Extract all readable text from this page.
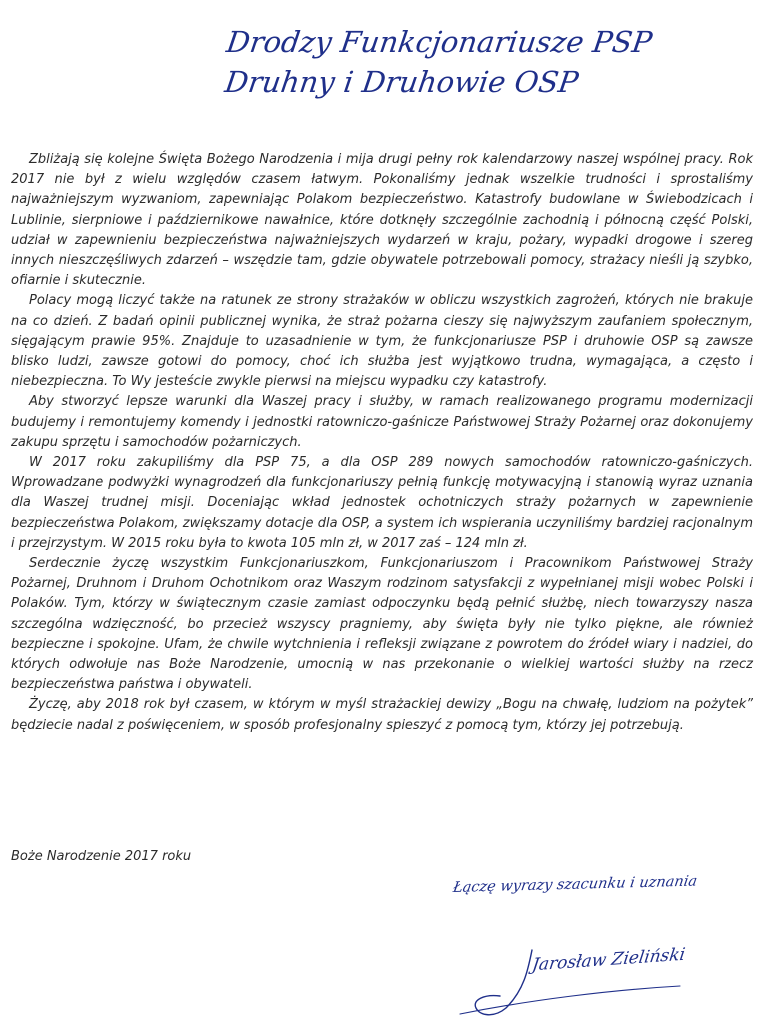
Drodzy Funkcjonariusze PSP
Druhny i Druhowie OSP

Zbliżają się kolejne Święta Bożego Narodzenia i mija drugi pełny rok kalendarzowy naszej wspólnej pracy. Rok 2017 nie był z wielu względów czasem łatwym. Pokonaliśmy jednak wszelkie trudności i sprostaliśmy najważniejszym wyzwaniom, zapewniając Polakom bezpieczeństwo. Katastrofy budowlane w Świebodzicach i Lublinie, sierpniowe i październikowe nawałnice, które dotknęły szczególnie zachodnią i północną część Polski, udział w zapewnieniu bezpieczeństwa najważniejszych wydarzeń w kraju, pożary, wypadki drogowe i szereg innych nieszczęśliwych zdarzeń – wszędzie tam, gdzie obywatele potrzebowali pomocy, strażacy nieśli ją szybko, ofiarnie i skutecznie.

Polacy mogą liczyć także na ratunek ze strony strażaków w obliczu wszystkich zagrożeń, których nie brakuje na co dzień. Z badań opinii publicznej wynika, że straż pożarna cieszy się najwyższym zaufaniem społecznym, sięgającym prawie 95%. Znajduje to uzasadnienie w tym, że funkcjonariusze PSP i druhowie OSP są zawsze blisko ludzi, zawsze gotowi do pomocy, choć ich służba jest wyjątkowo trudna, wymagająca, a często i niebezpieczna. To Wy jesteście zwykle pierwsi na miejscu wypadku czy katastrofy.

Aby stworzyć lepsze warunki dla Waszej pracy i służby, w ramach realizowanego programu modernizacji budujemy i remontujemy komendy i jednostki ratowniczo-gaśnicze Państwowej Straży Pożarnej oraz dokonujemy zakupu sprzętu i samochodów pożarniczych.

W 2017 roku zakupiliśmy dla PSP 75, a dla OSP 289 nowych samochodów ratowniczo-gaśniczych. Wprowadzane podwyżki wynagrodzeń dla funkcjonariuszy pełnią funkcję motywacyjną i stanowią wyraz uznania dla Waszej trudnej misji. Doceniając wkład jednostek ochotniczych straży pożarnych w zapewnienie bezpieczeństwa Polakom, zwiększamy dotacje dla OSP, a system ich wspierania uczyniliśmy bardziej racjonalnym i przejrzystym. W 2015 roku była to kwota 105 mln zł, w 2017 zaś – 124 mln zł.

Serdecznie życzę wszystkim Funkcjonariuszkom, Funkcjonariuszom i Pracownikom Państwowej Straży Pożarnej, Druhnom i Druhom Ochotnikom oraz Waszym rodzinom satysfakcji z wypełnianej misji wobec Polski i Polaków. Tym, którzy w świątecznym czasie zamiast odpoczynku będą pełnić służbę, niech towarzyszy nasza szczególna wdzięczność, bo przecież wszyscy pragniemy, aby święta były nie tylko piękne, ale również bezpieczne i spokojne. Ufam, że chwile wytchnienia i refleksji związane z powrotem do źródeł wiary i nadziei, do których odwołuje nas Boże Narodzenie, umocnią w nas przekonanie o wielkiej wartości służby na rzecz bezpieczeństwa państwa i obywateli.

Życzę, aby 2018 rok był czasem, w którym w myśl strażackiej dewizy „Bogu na chwałę, ludziom na pożytek” będziecie nadal z poświęceniem, w sposób profesjonalny spieszyć z pomocą tym, którzy jej potrzebują.

Boże Narodzenie 2017 roku
Łączę wyrazy szacunku i uznania
Jarosław Zieliński
